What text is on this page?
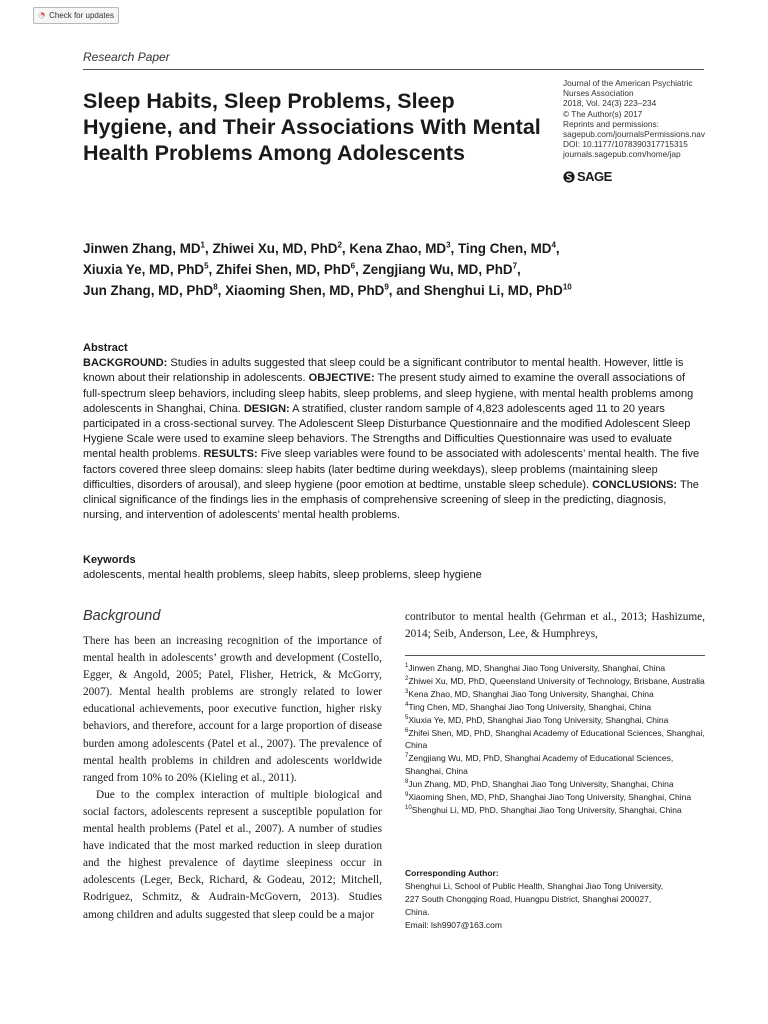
Check for updates
Research Paper
Sleep Habits, Sleep Problems, Sleep Hygiene, and Their Associations With Mental Health Problems Among Adolescents
Journal of the American Psychiatric
Nurses Association
2018, Vol. 24(3) 223–234
© The Author(s) 2017
Reprints and permissions:
sagepub.com/journalsPermissions.nav
DOI: 10.1177/1078390317715315
journals.sagepub.com/home/jap
SAGE
Jinwen Zhang, $MD^1$, Zhiwei Xu, MD, PhD$^2$, Kena Zhao, $MD^3$, Ting Chen, $MD^4$,
Xiuxia Ye, MD, PhD$^5$, Zhifei Shen, MD, PhD$^6$, Zengjiang Wu, MD, PhD$^7$,
Jun Zhang, MD, PhD$^8$, Xiaoming Shen, MD, PhD$^9$, and Shenghui Li, MD, PhD$^{10}$
Abstract
BACKGROUND: Studies in adults suggested that sleep could be a significant contributor to mental health. However, little is known about their relationship in adolescents. OBJECTIVE: The present study aimed to examine the overall associations of full-spectrum sleep behaviors, including sleep habits, sleep problems, and sleep hygiene, with mental health problems among adolescents in Shanghai, China. DESIGN: A stratified, cluster random sample of 4,823 adolescents aged 11 to 20 years participated in a cross-sectional survey. The Adolescent Sleep Disturbance Questionnaire and the modified Adolescent Sleep Hygiene Scale were used to examine sleep behaviors. The Strengths and Difficulties Questionnaire was used to evaluate mental health problems. RESULTS: Five sleep variables were found to be associated with adolescents’ mental health. The five factors covered three sleep domains: sleep habits (later bedtime during weekdays), sleep problems (maintaining sleep difficulties, disorders of arousal), and sleep hygiene (poor emotion at bedtime, unstable sleep schedule). CONCLUSIONS: The clinical significance of the findings lies in the emphasis of comprehensive screening of sleep in the predicting, diagnosis, nursing, and intervention of adolescents’ mental health problems.
Keywords
adolescents, mental health problems, sleep habits, sleep problems, sleep hygiene
Background

There has been an increasing recognition of the importance of mental health in adolescents’ growth and development (Costello, Egger, & Angold, 2005; Patel, Flisher, Hetrick, & McGorry, 2007). Mental health problems are strongly related to lower educational achievements, poor executive function, higher risky behaviors, and therefore, account for a large proportion of disease burden among adolescents (Patel et al., 2007). The prevalence of mental health problems in children and adolescents worldwide ranged from 10% to 20% (Kieling et al., 2011).

Due to the complex interaction of multiple biological and social factors, adolescents represent a susceptible population for mental health problems (Patel et al., 2007). A number of studies have indicated that the most marked reduction in sleep duration and the highest prevalence of daytime sleepiness occur in adolescents (Leger, Beck, Richard, & Godeau, 2012; Mitchell, Rodriguez, Schmitz, & Audrain-McGovern, 2013). Studies among children and adults suggested that sleep could be a major

contributor to mental health (Gehrman et al., 2013; Hashizume, 2014; Seib, Anderson, Lee, & Humphreys,
$^1$Jinwen Zhang, MD, Shanghai Jiao Tong University, Shanghai, China
$^2$Zhiwei Xu, MD, PhD, Queensland University of Technology, Brisbane, Australia
$^3$Kena Zhao, MD, Shanghai Jiao Tong University, Shanghai, China
$^4$Ting Chen, MD, Shanghai Jiao Tong University, Shanghai, China
$^5$Xiuxia Ye, MD, PhD, Shanghai Jiao Tong University, Shanghai, China
$^6$Zhifei Shen, MD, PhD, Shanghai Academy of Educational Sciences, Shanghai, China
$^7$Zengjiang Wu, MD, PhD, Shanghai Academy of Educational Sciences, Shanghai, China
$^8$Jun Zhang, MD, PhD, Shanghai Jiao Tong University, Shanghai, China
$^9$Xiaoming Shen, MD, PhD, Shanghai Jiao Tong University, Shanghai, China
$^{10}$Shenghui Li, MD, PhD, Shanghai Jiao Tong University, Shanghai, China
Corresponding Author:
Shenghui Li, School of Public Health, Shanghai Jiao Tong University,
227 South Chongqing Road, Huangpu District, Shanghai 200027,
China.
Email: lsh9907@163.com
